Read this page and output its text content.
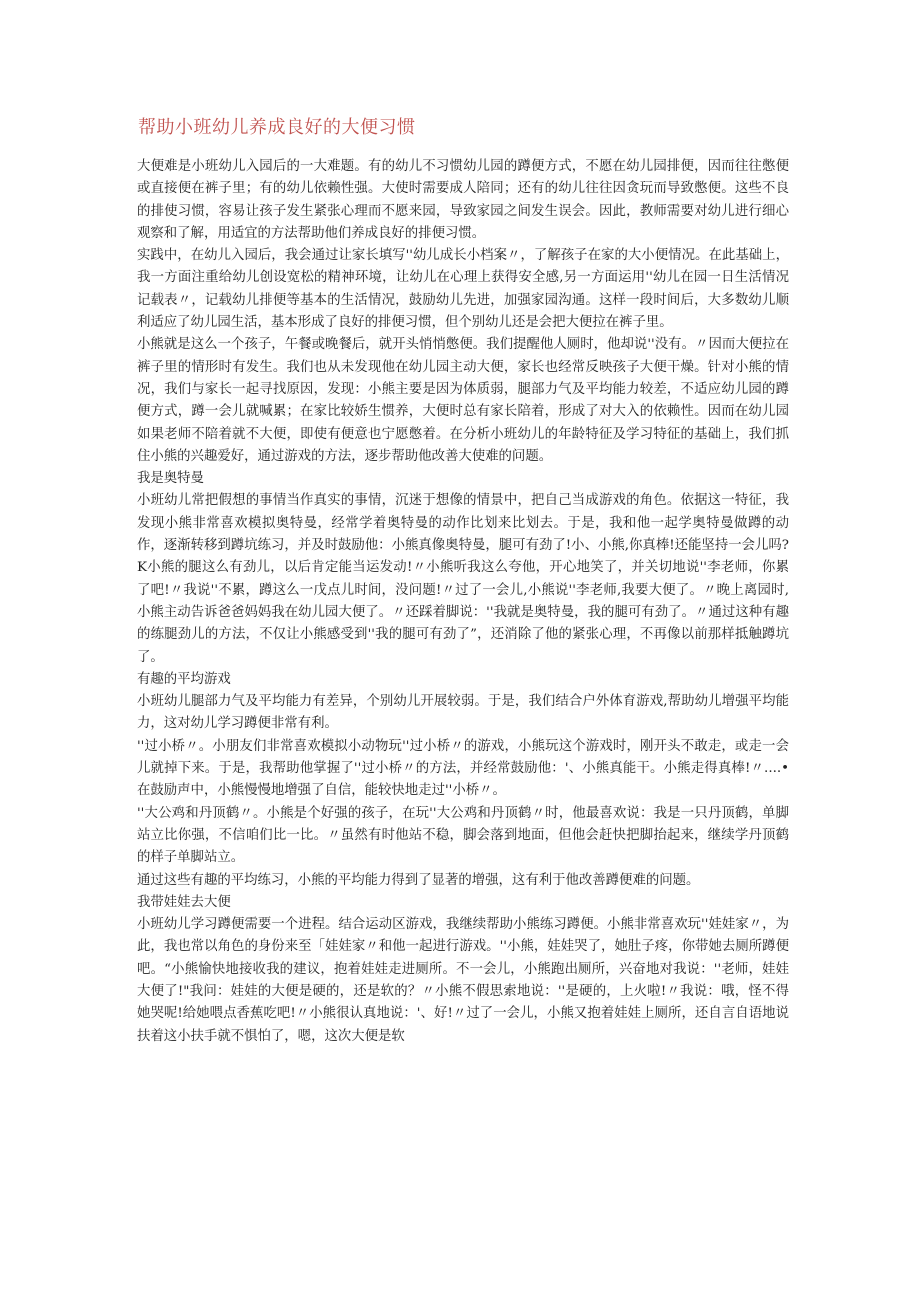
帮助小班幼儿养成良好的大便习惯

大便难是小班幼儿入园后的一大难题。有的幼儿不习惯幼儿园的蹲便方式，不愿在幼儿园排便，因而往往憋便或直接便在裤子里；有的幼儿依赖性强。大使时需要成人陪同；还有的幼儿往往因贪玩而导致憋便。这些不良的排使习惯，容易让孩子发生紧张心理而不愿来园，导致家园之间发生误会。因此，教师需要对幼儿进行细心观察和了解，用适宜的方法帮助他们养成良好的排便习惯。

实践中，在幼儿入园后，我会通过让家长填写''幼儿成长小档案〃，了解孩子在家的大小便情况。在此基础上，我一方面注重给幼儿创设宽松的精神环境，让幼儿在心理上获得安全感,另一方面运用''幼儿在园一日生活情况记载表〃，记载幼儿排便等基本的生活情况，鼓励幼儿先进，加强家园沟通。这样一段时间后，大多数幼儿顺利适应了幼儿园生活，基本形成了良好的排便习惯，但个别幼儿还是会把大便拉在裤子里。

小熊就是这么一个孩子，午餐或晚餐后，就开头悄悄憋便。我们提醒他人厕时，他却说''没有。〃因而大便拉在裤子里的情形时有发生。我们也从未发现他在幼儿园主动大便，家长也经常反映孩子大便干燥。针对小熊的情况，我们与家长一起寻找原因，发现：小熊主要是因为体质弱，腿部力气及平均能力较差，不适应幼儿园的蹲便方式，蹲一会儿就喊累；在家比较娇生惯养，大便时总有家长陪着，形成了对大入的依赖性。因而在幼儿园如果老师不陪着就不大便，即使有便意也宁愿憋着。在分析小班幼儿的年龄特征及学习特征的基础上，我们抓住小熊的兴趣爱好，通过游戏的方法，逐步帮助他改善大使难的问题。

我是奥特曼

小班幼儿常把假想的事情当作真实的事情，沉迷于想像的情景中，把自己当成游戏的角色。依据这一特征，我发现小熊非常喜欢模拟奥特曼，经常学着奥特曼的动作比划来比划去。于是，我和他一起学奥特曼做蹲的动作，逐渐转移到蹲坑练习，并及时鼓励他：小熊真像奥特曼，腿可有劲了!小、小熊,你真棒!还能坚持一会儿吗?K小熊的腿这么有劲儿，以后肯定能当运发动!〃小熊听我这么夸他，开心地笑了，并关切地说''李老师，你累了吧!〃我说''不累，蹲这么一戊点儿时间，没问题!〃过了一会儿,小熊说''李老师,我要大便了。〃晚上离园时,小熊主动告诉爸爸妈妈我在幼儿园大便了。〃还踩着脚说：''我就是奥特曼，我的腿可有劲了。〃通过这种有趣的练腿劲儿的方法，不仅让小熊感受到''我的腿可有劲了”，还消除了他的紧张心理，不再像以前那样抵触蹲坑了。

有趣的平均游戏

小班幼儿腿部力气及平均能力有差异，个别幼儿开展较弱。于是，我们结合户外体育游戏,帮助幼儿增强平均能力，这对幼儿学习蹲便非常有利。

''过小桥〃。小朋友们非常喜欢模拟小动物玩''过小桥〃的游戏，小熊玩这个游戏时，刚开头不敢走，或走一会儿就掉下来。于是，我帮助他掌握了''过小桥〃的方法，并经常鼓励他：'、小熊真能干。小熊走得真棒!〃....•在鼓励声中，小熊慢慢地增强了自信，能较快地走过''小桥〃。

''大公鸡和丹顶鹤〃。小熊是个好强的孩子，在玩''大公鸡和丹顶鹤〃时，他最喜欢说：我是一只丹顶鹤，单脚站立比你强，不信咱们比一比。〃虽然有时他站不稳，脚会落到地面，但他会赶快把脚抬起来，继续学丹顶鹤的样子单脚站立。

通过这些有趣的平均练习，小熊的平均能力得到了显著的增强，这有利于他改善蹲便难的问题。

我带娃娃去大便

小班幼儿学习蹲便需要一个进程。结合运动区游戏，我继续帮助小熊练习蹲便。小熊非常喜欢玩''娃娃家〃，为此，我也常以角色的身份来至「娃娃家〃和他一起进行游戏。''小熊，娃娃哭了，她肚子疼，你带她去厕所蹲便吧。“小熊愉快地接收我的建议，抱着娃娃走进厕所。不一会儿，小熊跑出厕所，兴奋地对我说：''老师，娃娃大便了!"我问：娃娃的大便是硬的，还是软的？〃小熊不假思索地说：''是硬的，上火啦!〃我说：哦，怪不得她哭呢!给她喂点香蕉吃吧!〃小熊很认真地说：'、好!〃过了一会儿，小熊又抱着娃娃上厕所，还自言自语地说扶着这小扶手就不惧怕了，嗯，这次大便是软
